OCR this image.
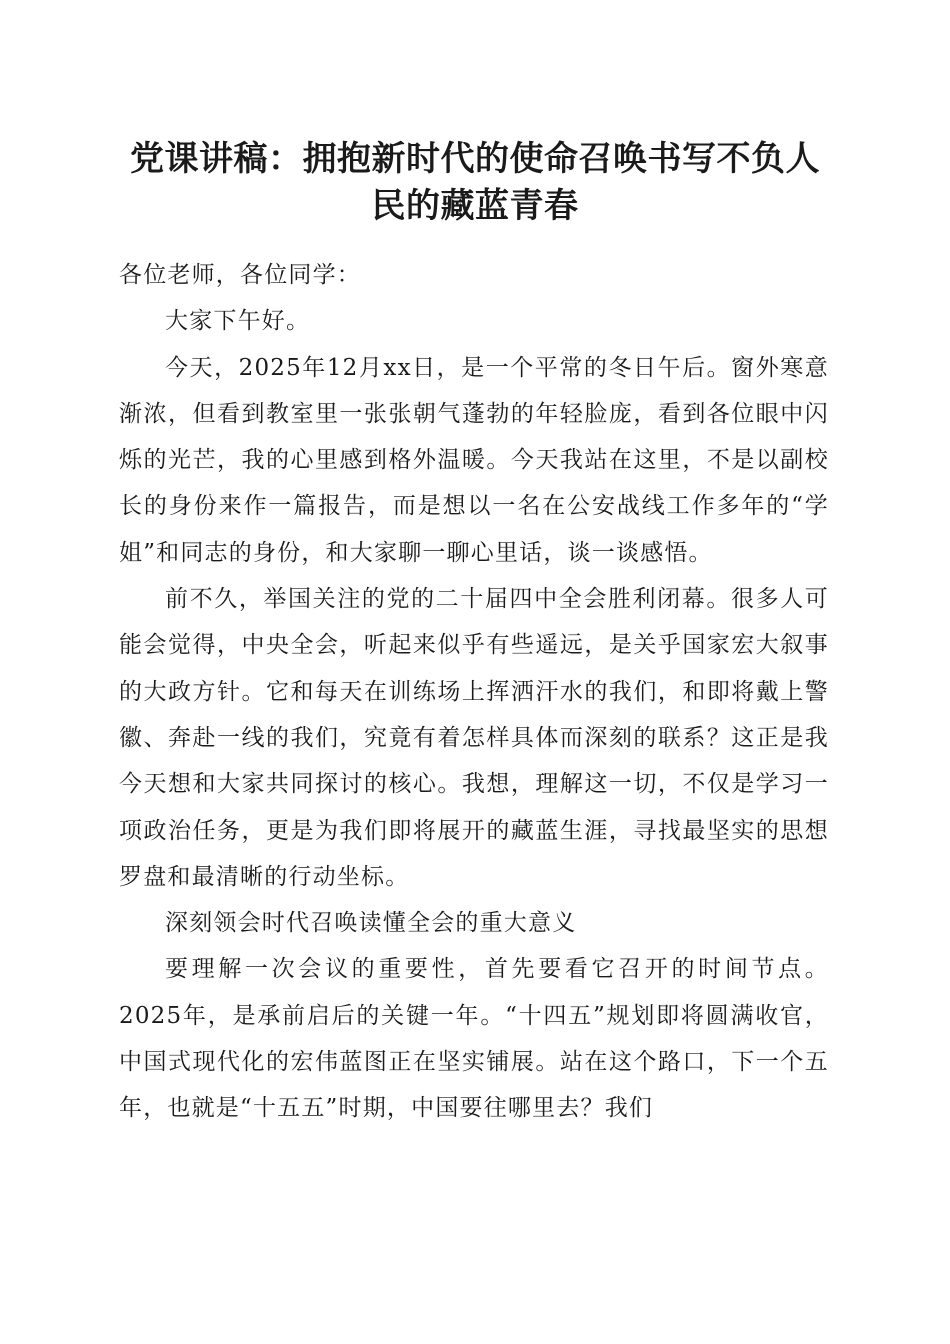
党课讲稿：拥抱新时代的使命召唤书写不负人
民的藏蓝青春

各位老师，各位同学：

大家下午好。

今天，2025年12月xx日，是一个平常的冬日午后。窗外寒意渐浓，但看到教室里一张张朝气蓬勃的年轻脸庞，看到各位眼中闪烁的光芒，我的心里感到格外温暖。今天我站在这里，不是以副校长的身份来作一篇报告，而是想以一名在公安战线工作多年的“学姐”和同志的身份，和大家聊一聊心里话，谈一谈感悟。

前不久，举国关注的党的二十届四中全会胜利闭幕。很多人可能会觉得，中央全会，听起来似乎有些遥远，是关乎国家宏大叙事的大政方针。它和每天在训练场上挥洒汗水的我们，和即将戴上警徽、奔赴一线的我们，究竟有着怎样具体而深刻的联系？这正是我今天想和大家共同探讨的核心。我想，理解这一切，不仅是学习一项政治任务，更是为我们即将展开的藏蓝生涯，寻找最坚实的思想罗盘和最清晰的行动坐标。

深刻领会时代召唤读懂全会的重大意义

要理解一次会议的重要性，首先要看它召开的时间节点。2025年，是承前启后的关键一年。“十四五”规划即将圆满收官，中国式现代化的宏伟蓝图正在坚实铺展。站在这个路口，下一个五年，也就是“十五五”时期，中国要往哪里去？我们
